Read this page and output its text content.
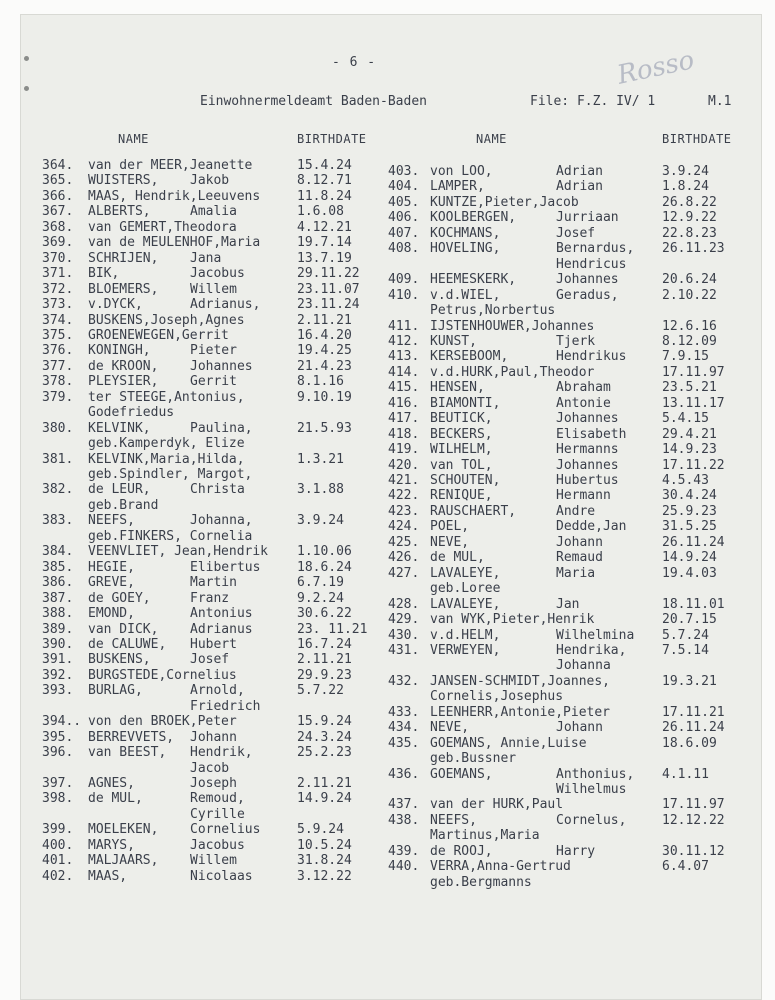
- 6 -	Rosso
Einwohnermeldeamt Baden-Baden	File: F.Z. IV/ 1	M.1
NAME	BIRTHDATE	NAME	BIRTHDATE
364. van der MEER,Jeanette	15.4.24
365. WUISTERS, Jakob	8.12.71
366. MAAS, Hendrik,Leeuvens	11.8.24
367. ALBERTS,	Amalia	1.6.08
368. van GEMERT,Theodora	4.12.21
369. van de MEULENHOF,Maria	19.7.14
370. SCHRIJEN, Jana	13.7.19
371. BIK,	Jacobus	29.11.22
372. BLOEMERS, Willem	23.11.07
373. v.DYCK,	Adrianus,	23.11.24
374. BUSKENS,Joseph,Agnes	2.11.21
375. GROENEWEGEN,Gerrit	16.4.20
376. KONINGH,	Pieter	19.4.25
377. de KROON, Johannes	21.4.23
378. PLEYSIER, Gerrit	8.1.16
379. ter STEEGE,Antonius,	9.10.19
Godefriedus
380. KELVINK,	Paulina,	21.5.93
geb.Kamperdyk, Elize
381. KELVINK,Maria,Hilda,	1.3.21
geb.Spindler, Margot,
382. de LEUR,	Christa	3.1.88
geb.Brand
383. NEEFS,	Johanna,	3.9.24
geb.FINKERS, Cornelia
384. VEENVLIET, Jean,Hendrik 1.10.06
385. HEGIE,	Elibertus	18.6.24
386. GREVE,	Martin	6.7.19
387. de GOEY,	Franz	9.2.24
388. EMOND,	Antonius	30.6.22
389. van DICK, Adrianus	23. 11.21
390. de CALUWE, Hubert	16.7.24
391. BUSKENS,	Josef	2.11.21
392. BURGSTEDE,Cornelius	29.9.23
393. BURLAG,	Arnold,	5.7.22
Friedrich
394.. von den BROEK,Peter	15.9.24
395. BERREVVETS, Johann	24.3.24
396. van BEEST, Hendrik,	25.2.23
Jacob
397. AGNES,	Joseph	2.11.21
398. de MUL,	Remoud,	14.9.24
Cyrille
399. MOELEKEN, Cornelius	5.9.24
400. MARYS,	Jacobus	10.5.24
401. MALJAARS, Willem	31.8.24
402. MAAS,	Nicolaas	3.12.22
403. von LOO,	Adrian	3.9.24
404. LAMPER,	Adrian	1.8.24
405. KUNTZE,Pieter,Jacob	26.8.22
406. KOOLBERGEN,	Jurriaan	12.9.22
407. KOCHMANS,	Josef	22.8.23
408. HOVELING,	Bernardus, 26.11.23
Hendricus
409. HEEMESKERK,	Johannes	20.6.24
410. v.d.WIEL,	Geradus,	2.10.22
Petrus,Norbertus
411. IJSTENHOUWER,Johannes	12.6.16
412. KUNST,	Tjerk	8.12.09
413. KERSEBOOM,	Hendrikus	7.9.15
414. v.d.HURK,Paul,Theodor	17.11.97
415. HENSEN,	Abraham	23.5.21
416. BIAMONTI,	Antonie	13.11.17
417. BEUTICK,	Johannes	5.4.15
418. BECKERS,	Elisabeth	29.4.21
419. WILHELM,	Hermanns	14.9.23
420. van TOL,	Johannes	17.11.22
421. SCHOUTEN,	Hubertus	4.5.43
422. RENIQUE,	Hermann	30.4.24
423. RAUSCHAERT,	Andre	25.9.23
424. POEL,	Dedde,Jan	31.5.25
425. NEVE,	Johann	26.11.24
426. de MUL,	Remaud	14.9.24
427. LAVALEYE,	Maria	19.4.03
geb.Loree
428. LAVALEYE,	Jan	18.11.01
429. van WYK,Pieter,Henrik	20.7.15
430. v.d.HELM,	Wilhelmina 5.7.24
431. VERWEYEN,	Hendrika,	7.5.14
Johanna
432. JANSEN-SCHMIDT,Joannes,	19.3.21
Cornelis,Josephus
433. LEENHERR,Antonie,Pieter	17.11.21
434. NEVE,	Johann	26.11.24
435. GOEMANS, Annie,Luise	18.6.09
geb.Bussner
436. GOEMANS,	Anthonius, 4.1.11
Wilhelmus
437. van der HURK,Paul	17.11.97
438. NEEFS,	Cornelus,	12.12.22
Martinus,Maria
439. de ROOJ,	Harry	30.11.12
440. VERRA,Anna-Gertrud	6.4.07
geb.Bergmanns
